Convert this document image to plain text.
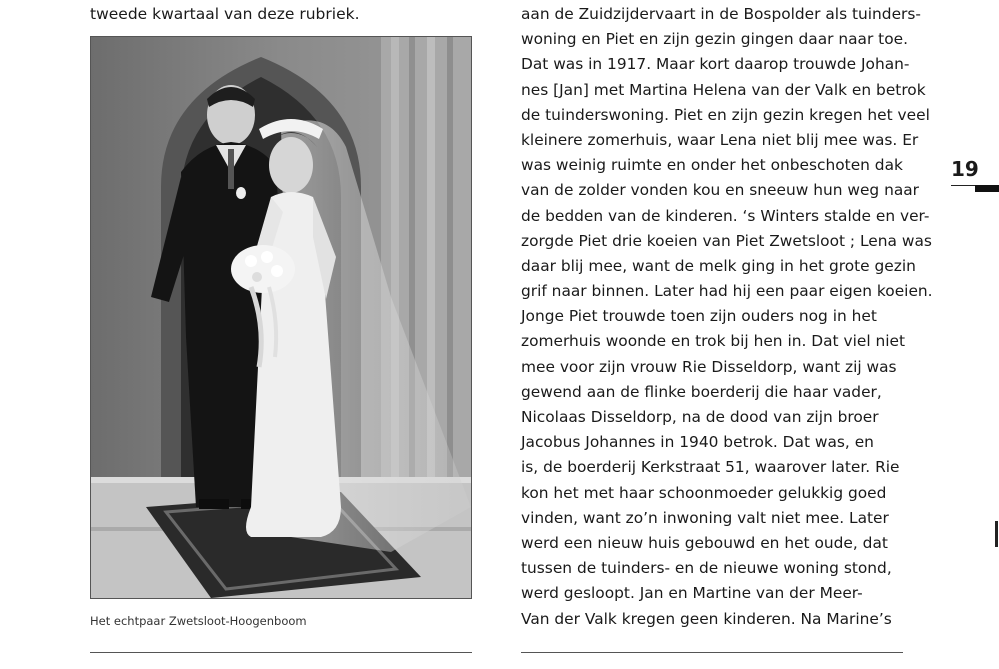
tweede kwartaal van deze rubriek.
Het echtpaar Zwetsloot-Hoogenboom
aan de Zuidzijdervaart in de Bospolder als tuinders-
woning en Piet en zijn gezin gingen daar naar toe.
Dat was in 1917. Maar kort daarop trouwde Johan-
nes [Jan] met Martina Helena van der Valk en betrok
de tuinderswoning. Piet en zijn gezin kregen het veel
kleinere zomerhuis, waar Lena niet blij mee was. Er
was weinig ruimte en onder het onbeschoten dak
van de zolder vonden kou en sneeuw hun weg naar
de bedden van de kinderen. ‘s Winters stalde en ver-
zorgde Piet drie koeien van Piet Zwetsloot ; Lena was
daar blij mee, want de melk ging in het grote gezin
grif naar binnen. Later had hij een paar eigen koeien.
Jonge Piet trouwde toen zijn ouders nog in het
zomerhuis woonde en trok bij hen in. Dat viel niet
mee voor zijn vrouw Rie Disseldorp, want zij was
gewend aan de flinke boerderij die haar vader,
Nicolaas Disseldorp, na de dood van zijn broer
Jacobus Johannes in 1940 betrok. Dat was, en
is, de boerderij Kerkstraat 51, waarover later. Rie
kon het met haar schoonmoeder gelukkig goed
vinden, want zo’n inwoning valt niet mee. Later
werd een nieuw huis gebouwd en het oude, dat
tussen de tuinders- en de nieuwe woning stond,
werd gesloopt. Jan en Martine van der Meer-
Van der Valk kregen geen kinderen. Na Marine’s
19
